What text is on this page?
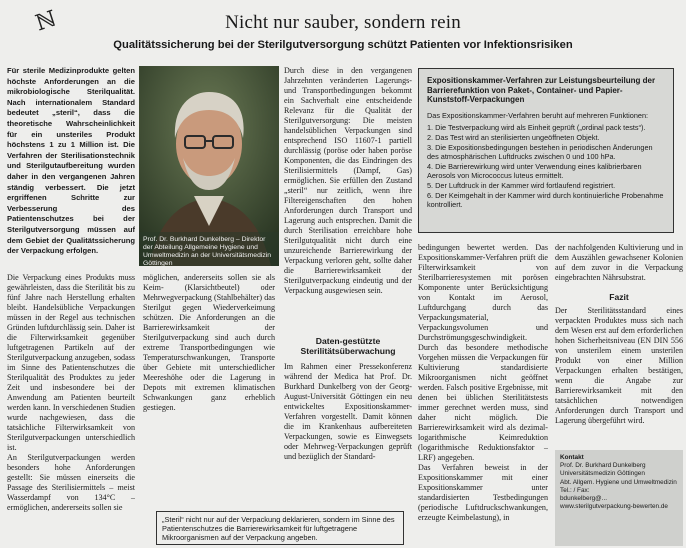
ℕ	Nicht nur sauber, sondern rein
Qualitätssicherung bei der Sterilgutversorgung schützt Patienten vor Infektionsrisiken

Für sterile Medizinprodukte gelten höchste Anforderungen an die mikrobiologische Sterilqualität. Nach internationalem Standard bedeutet „steril“, dass die theoretische Wahrscheinlichkeit für ein unsteriles Produkt höchstens 1 zu 1 Million ist. Die Verfahren der Sterilisationstechnik und Sterilgutaufbereitung wurden daher in den vergangenen Jahren ständig verbessert. Die jetzt ergriffenen Schritte zur Verbesserung des Patientenschutzes bei der Sterilgutversorgung müssen auf dem Gebiet der Qualitätssicherung der Verpackung erfolgen.

Prof. Dr. Burkhard Dunkelberg – Direktor der Abteilung Allgemeine Hygiene und Umweltmedizin an der Universitätsmedizin Göttingen

Die Verpackung eines Produkts muss gewährleisten, dass die Sterilität bis zu fünf Jahre nach Herstellung erhalten bleibt. Handelsübliche Verpackungen müssen in der Regel aus technischen Gründen luftdurchlässig sein. Daher ist die Filterwirksamkeit gegenüber luftgetragenen Partikeln auf der Sterilgutverpackung anzugeben, sodass im Sinne des Patientenschutzes die Sterilqualität des Produktes zu jeder Zeit und insbesondere bei der Anwendung am Patienten beurteilt werden kann. In verschiedenen Studien wurde nachgewiesen, dass die tatsächliche Filterwirksamkeit von Sterilgutverpackungen unterschiedlich ist.
An Sterilgutverpackungen werden besonders hohe Anforderungen gestellt: Sie müssen einerseits die Passage des Sterilisiermittels – meist Wasserdampf von 134°C – ermöglichen, andererseits sollen sie

möglichen, andererseits sollen sie als Keim- (Klarsichtbeutel) oder Mehrwegverpackung (Stahlbehälter) das Sterilgut gegen Wiederverkeimung schützen. Die Anforderungen an die Barrierewirksamkeit der Sterilgutverpackung sind auch durch extreme Transportbedingungen wie Temperaturschwankungen, Transporte über Gebiete mit unterschiedlicher Meereshöhe oder die Lagerung in Depots mit extremen klimatischen Schwankungen ganz erheblich gestiegen.

Durch diese in den vergangenen Jahrzehnten veränderten Lagerungs- und Transportbedingungen bekommt ein Sachverhalt eine entscheidende Relevanz für die Qualität der Sterilgutversorgung: Die meisten handelsüblichen Verpackungen sind entsprechend ISO 11607-1 partiell durchlässig (poröse oder haben poröse Komponenten, die das Eindringen des Sterilisiermittels (Dampf, Gas) ermöglichen. Sie erfüllen den Zustand „steril“ nur zeitlich, wenn ihre Filtereigenschaften den hohen Anforderungen durch Transport und Lagerung auch entsprechen. Damit die durch Sterilisation erreichbare hohe Sterilgutqualität nicht durch eine unzureichende Barrierewirkung der Verpackung verloren geht, sollte daher die Barrierewirksamkeit der Sterilgutverpackung eindeutig und der Verpackung ausgewiesen sein.

Daten-gestützte Sterilitätsüberwachung

Im Rahmen einer Pressekonferenz während der Medica hat Prof. Dr. Burkhard Dunkelberg von der Georg-August-Universität Göttingen ein neu entwickeltes Expositionskammer-Verfahren vorgestellt. Damit können die im Krankenhaus aufbereiteten Verpackungen, sowie es Einwegsets oder Mehrweg-Verpackungen geprüft und bezüglich der Standard-

„Steril“ nicht nur auf der Verpackung deklarieren, sondern im Sinne des Patientenschutzes die Barrierewirksamkeit für luftgetragene Mikroorganismen auf der Verpackung angeben.
Expositionskammer-Verfahren zur Leistungsbeurteilung der Barrierefunktion von Paket-, Container- und Papier-Kunststoff-Verpackungen
Das Expositionskammer-Verfahren beruht auf mehreren Funktionen:
1. Die Testverpackung wird als Einheit geprüft („ordinal pack tests“).
2. Das Test wird an sterilisierten ungeöffneten Objekt.
3. Die Expositionsbedingungen bestehen in periodischen Änderungen des atmosphärischen Luftdrucks zwischen 0 und 100 hPa.
4. Die Barrierewirkung wird unter Verwendung eines kalibrierbaren Aerosols von Micrococcus luteus ermittelt.
5. Der Luftdruck in der Kammer wird fortlaufend registriert.
6. Der Keimgehalt in der Kammer wird durch kontinuierliche Probenahme kontrolliert.

bedingungen bewertet werden. Das Expositionskammer-Verfahren prüft die Filterwirksamkeit von Sterilbarrieresystemen mit porösen Komponente unter Berücksichtigung von Kontakt im Aerosol, Luftdurchgang durch das Verpackungsmaterial, Verpackungsvolumen und Durchströmungsgeschwindigkeit. Durch das besondere methodische Vorgehen müssen die Verpackungen für Kultivierung standardisierte Mikroorganismen nicht geöffnet werden. Falsch positive Ergebnisse, mit denen bei üblichen Sterilitätstests immer gerechnet werden muss, sind daher nicht möglich. Die Barrierewirksamkeit wird als dezimal-logarithmische Keimreduktion (logarithmische Reduktionsfaktor – LRF) angegeben.
Das Verfahren beweist in der Expositionskammer mit einer Expositionskammer unter standardisierten Testbedingungen (periodische Luftdruckschwankungen, erzeugte Keimbelastung), in

der nachfolgenden Kultivierung und in dem Auszählen gewachsener Kolonien auf dem zuvor in die Verpackung eingebrachten Nährsubstrat.

Fazit

Der Sterilitätsstandard eines verpackten Produktes muss sich nach dem Wesen erst auf dem erforderlichen hohen Sicherheitsniveau (EN DIN 556 von unsterilem einem unsterilen Produkt von einer Million Verpackungen erhalten bestätigen, wenn die Angabe zur Barrierewirksamkeit mit den tatsächlichen notwendigen Anforderungen durch Transport und Lagerung übergeführt wird.

Kontakt
Prof. Dr. Burkhard Dunkelberg
Universitätsmedizin Göttingen
Abt. Allgem. Hygiene und Umweltmedizin
Tel.: / Fax:
bdunkelberg@...
www.sterilgutverpackung-bewerten.de
